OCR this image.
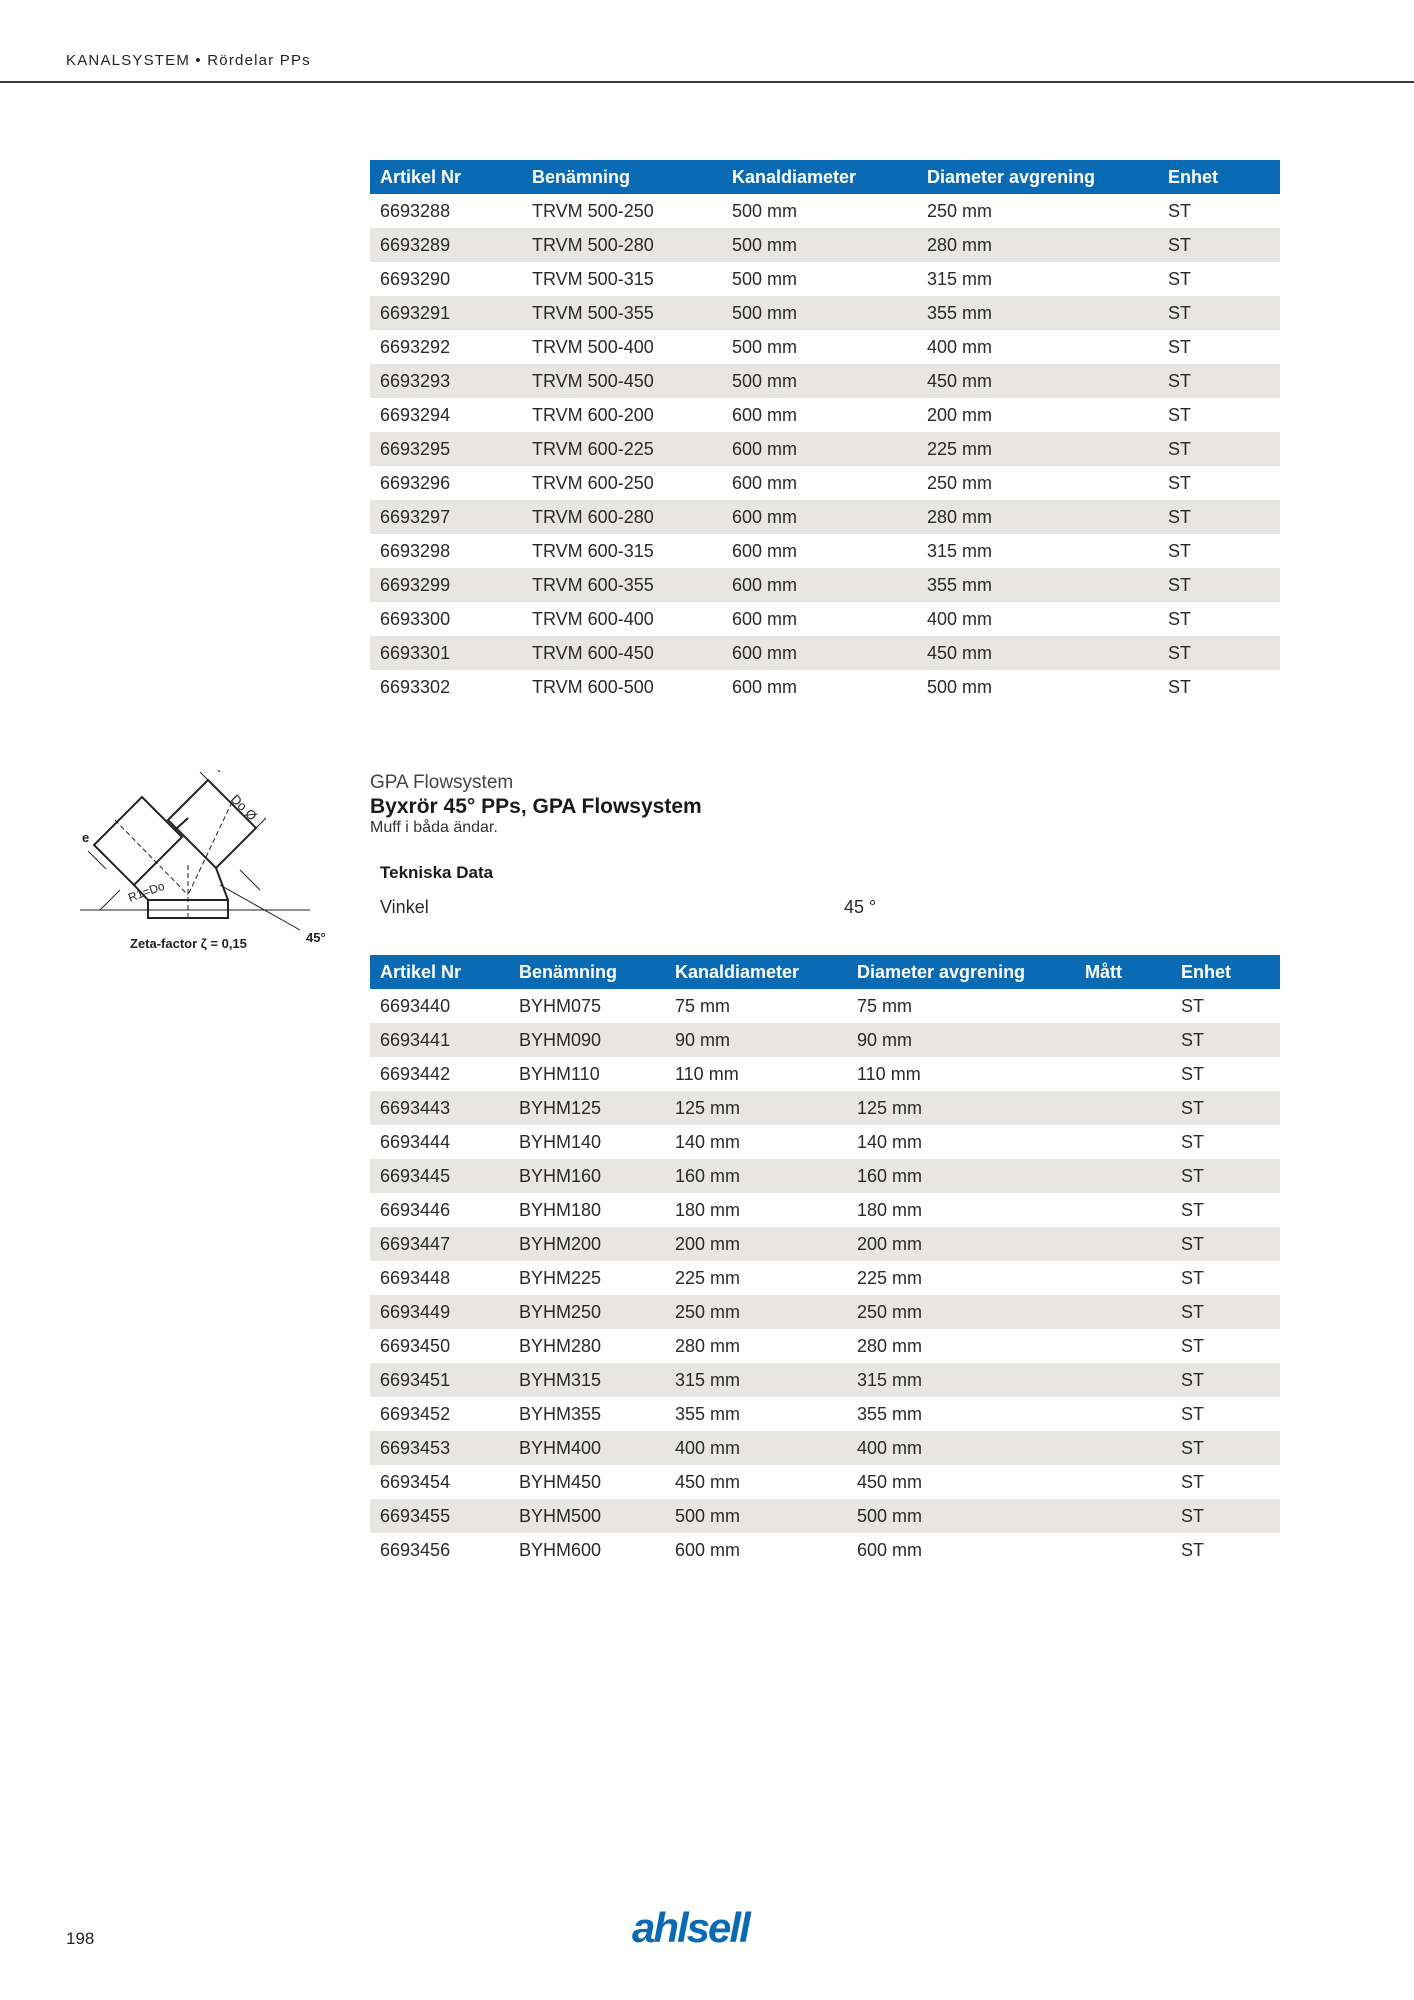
KANALSYSTEM • Rördelar PPs
Artikel Nr	Benämning	Kanaldiameter	Diameter avgrening	Enhet
6693288	TRVM 500-250	500 mm	250 mm	ST
6693289	TRVM 500-280	500 mm	280 mm	ST
6693290	TRVM 500-315	500 mm	315 mm	ST
6693291	TRVM 500-355	500 mm	355 mm	ST
6693292	TRVM 500-400	500 mm	400 mm	ST
6693293	TRVM 500-450	500 mm	450 mm	ST
6693294	TRVM 600-200	600 mm	200 mm	ST
6693295	TRVM 600-225	600 mm	225 mm	ST
6693296	TRVM 600-250	600 mm	250 mm	ST
6693297	TRVM 600-280	600 mm	280 mm	ST
6693298	TRVM 600-315	600 mm	315 mm	ST
6693299	TRVM 600-355	600 mm	355 mm	ST
6693300	TRVM 600-400	600 mm	400 mm	ST
6693301	TRVM 600-450	600 mm	450 mm	ST
6693302	TRVM 600-500	600 mm	500 mm	ST
GPA Flowsystem
Byxrör 45° PPs, GPA Flowsystem
Muff i båda ändar.
Tekniska Data
Vinkel	45 °
Do Ø
e
R1=Do
45°
Zeta-factor ζ = 0,15
Artikel Nr	Benämning	Kanaldiameter	Diameter avgrening	Mått	Enhet
6693440	BYHM075	75 mm	75 mm		ST
6693441	BYHM090	90 mm	90 mm		ST
6693442	BYHM110	110 mm	110 mm		ST
6693443	BYHM125	125 mm	125 mm		ST
6693444	BYHM140	140 mm	140 mm		ST
6693445	BYHM160	160 mm	160 mm		ST
6693446	BYHM180	180 mm	180 mm		ST
6693447	BYHM200	200 mm	200 mm		ST
6693448	BYHM225	225 mm	225 mm		ST
6693449	BYHM250	250 mm	250 mm		ST
6693450	BYHM280	280 mm	280 mm		ST
6693451	BYHM315	315 mm	315 mm		ST
6693452	BYHM355	355 mm	355 mm		ST
6693453	BYHM400	400 mm	400 mm		ST
6693454	BYHM450	450 mm	450 mm		ST
6693455	BYHM500	500 mm	500 mm		ST
6693456	BYHM600	600 mm	600 mm		ST
198	ahlsell
